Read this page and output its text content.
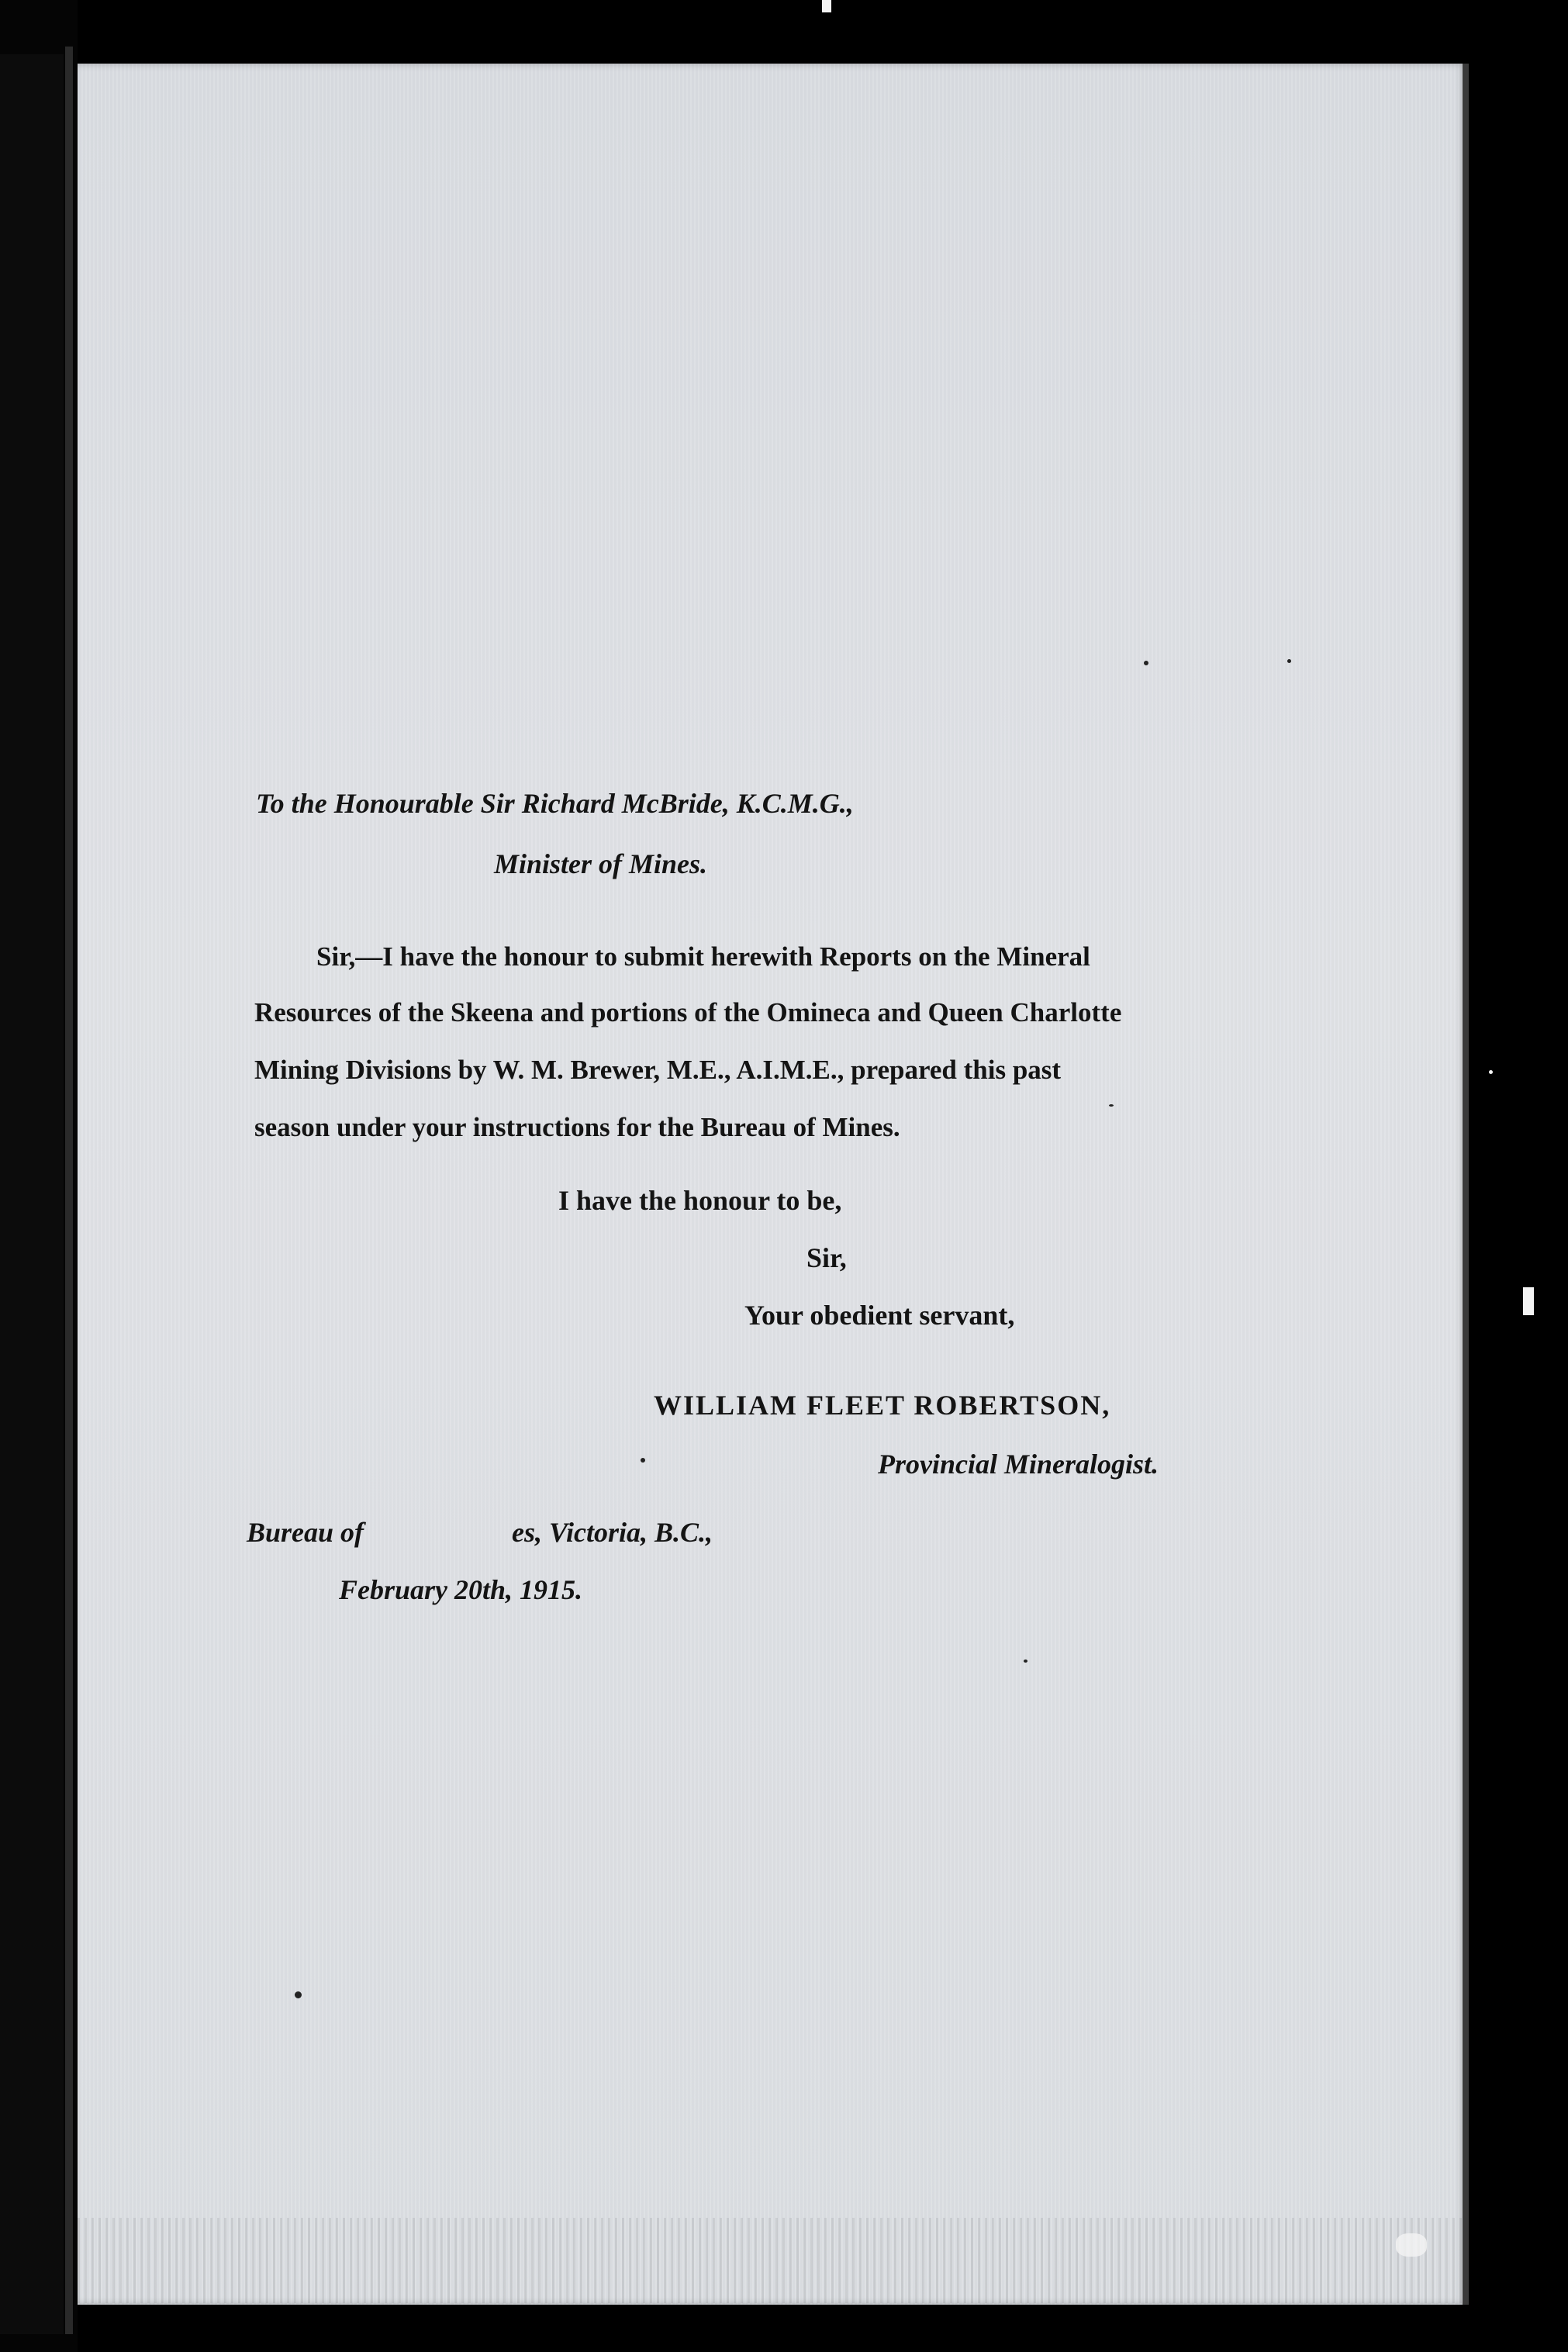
To the Honourable Sir Richard McBride, K.C.M.G.,
Minister of Mines.
Sir,—I have the honour to submit herewith Reports on the Mineral
Resources of the Skeena and portions of the Omineca and Queen Charlotte
Mining Divisions by W. M. Brewer, M.E., A.I.M.E., prepared this past
season under your instructions for the Bureau of Mines.
I have the honour to be,
Sir,
Your obedient servant,
WILLIAM FLEET ROBERTSON,
Provincial Mineralogist.
Bureau of	es, Victoria, B.C.,
February 20th, 1915.
